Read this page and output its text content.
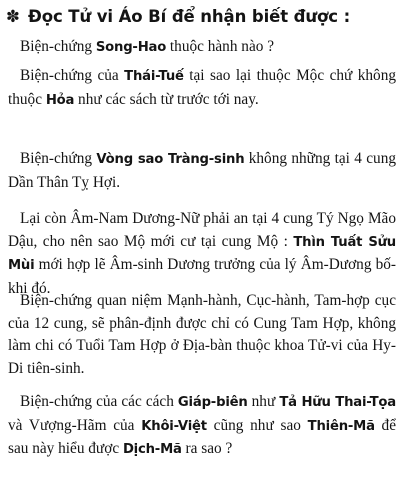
✽ Đọc Tử vi Áo Bí để nhận biết được :

Biện-chứng Song-Hao thuộc hành nào ?

Biện-chứng của Thái-Tuế tại sao lại thuộc Mộc chứ không thuộc Hỏa như các sách từ trước tới nay.

Biện-chứng Vòng sao Tràng-sinh không những tại 4 cung Dần Thân Tỵ Hợi.

Lại còn Âm-Nam Dương-Nữ phải an tại 4 cung Tý Ngọ Mão Dậu, cho nên sao Mộ mới cư tại cung Mộ : Thìn Tuất Sửu Mùi mới hợp lẽ Âm-sinh Dương trưởng của lý Âm-Dương bố-khi đó.

Biện-chứng quan niệm Mạnh-hành, Cục-hành, Tam-hợp cục của 12 cung, sẽ phân-định được chỉ có Cung Tam Hợp, không làm chi có Tuổi Tam Hợp ở Địa-bàn thuộc khoa Tử-vi của Hy-Di tiên-sinh.

Biện-chứng của các cách Giáp-biên như Tả Hữu Thai-Tọa và Vượng-Hãm của Khôi-Việt cũng như sao Thiên-Mã để sau này hiểu được Dịch-Mã ra sao ?
